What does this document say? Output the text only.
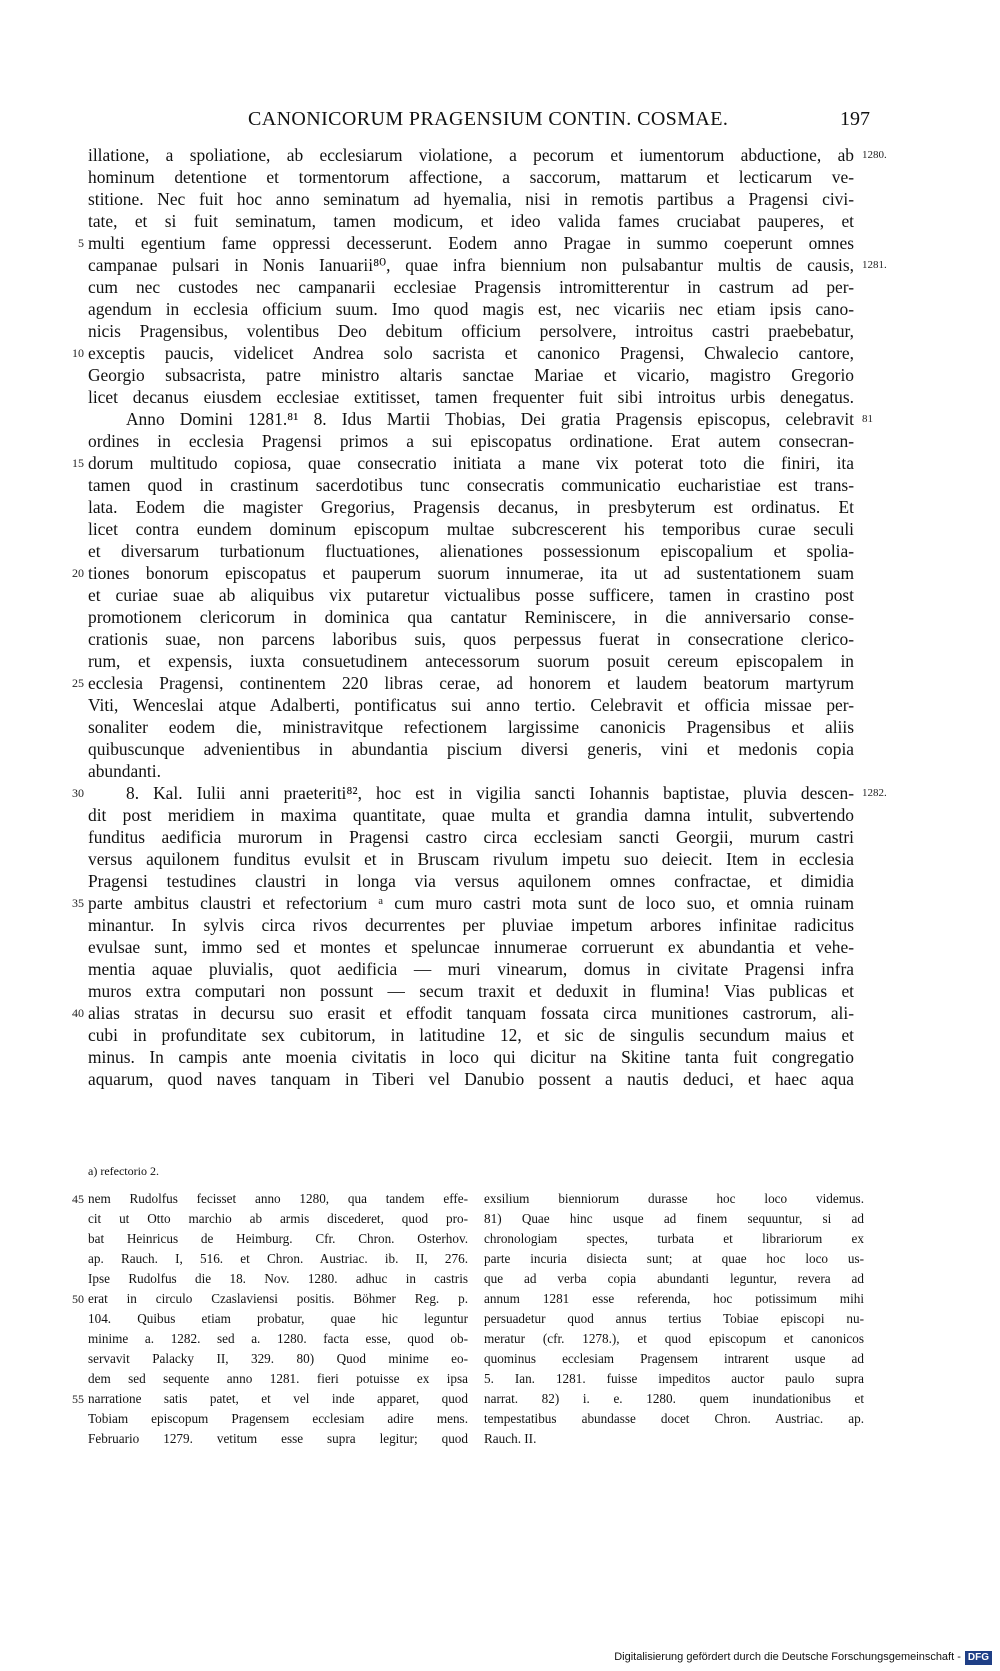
CANONICORUM PRAGENSIUM CONTIN. COSMAE.	197
illatione, a spoliatione, ab ecclesiarum violatione, a pecorum et iumentorum abductione, ab
hominum detentione et tormentorum affectione, a saccorum, mattarum et lecticarum ve-
stitione. Nec fuit hoc anno seminatum ad hyemalia, nisi in remotis partibus a Pragensi civi-
tate, et si fuit seminatum, tamen modicum, et ideo valida fames cruciabat pauperes, et
multi egentium fame oppressi decesserunt. Eodem anno Pragae in summo coeperunt omnes
campanae pulsari in Nonis Ianuarii⁸⁰, quae infra biennium non pulsabantur multis de causis,
cum nec custodes nec campanarii ecclesiae Pragensis intromitterentur in castrum ad per-
agendum in ecclesia officium suum. Imo quod magis est, nec vicariis nec etiam ipsis cano-
nicis Pragensibus, volentibus Deo debitum officium persolvere, introitus castri praebebatur,
exceptis paucis, videlicet Andrea solo sacrista et canonico Pragensi, Chwalecio cantore,
Georgio subsacrista, patre ministro altaris sanctae Mariae et vicario, magistro Gregorio
licet decanus eiusdem ecclesiae extitisset, tamen frequenter fuit sibi introitus urbis denegatus.
Anno Domini 1281.⁸¹ 8. Idus Martii Thobias, Dei gratia Pragensis episcopus, celebravit
ordines in ecclesia Pragensi primos a sui episcopatus ordinatione. Erat autem consecran-
dorum multitudo copiosa, quae consecratio initiata a mane vix poterat toto die finiri, ita
tamen quod in crastinum sacerdotibus tunc consecratis communicatio eucharistiae est trans-
lata. Eodem die magister Gregorius, Pragensis decanus, in presbyterum est ordinatus. Et
licet contra eundem dominum episcopum multae subcrescerent his temporibus curae seculi
et diversarum turbationum fluctuationes, alienationes possessionum episcopalium et spolia-
tiones bonorum episcopatus et pauperum suorum innumerae, ita ut ad sustentationem suam
et curiae suae ab aliquibus vix putaretur victualibus posse sufficere, tamen in crastino post
promotionem clericorum in dominica qua cantatur Reminiscere, in die anniversario conse-
crationis suae, non parcens laboribus suis, quos perpessus fuerat in consecratione clerico-
rum, et expensis, iuxta consuetudinem antecessorum suorum posuit cereum episcopalem in
ecclesia Pragensi, continentem 220 libras cerae, ad honorem et laudem beatorum martyrum
Viti, Wenceslai atque Adalberti, pontificatus sui anno tertio. Celebravit et officia missae per-
sonaliter eodem die, ministravitque refectionem largissime canonicis Pragensibus et aliis
quibuscunque advenientibus in abundantia piscium diversi generis, vini et medonis copia
abundanti.
8. Kal. Iulii anni praeteriti⁸², hoc est in vigilia sancti Iohannis baptistae, pluvia descen-
dit post meridiem in maxima quantitate, quae multa et grandia damna intulit, subvertendo
funditus aedificia murorum in Pragensi castro circa ecclesiam sancti Georgii, murum castri
versus aquilonem funditus evulsit et in Bruscam rivulum impetu suo deiecit. Item in ecclesia
Pragensi testudines claustri in longa via versus aquilonem omnes confractae, et dimidia
parte ambitus claustri et refectorium ᵃ cum muro castri mota sunt de loco suo, et omnia ruinam
minantur. In sylvis circa rivos decurrentes per pluviae impetum arbores infinitae radicitus
evulsae sunt, immo sed et montes et speluncae innumerae corruerunt ex abundantia et vehe-
mentia aquae pluvialis, quot aedificia — muri vinearum, domus in civitate Pragensi infra
muros extra computari non possunt — secum traxit et deduxit in flumina! Vias publicas et
alias stratas in decursu suo erasit et effodit tanquam fossata circa munitiones castrorum, ali-
cubi in profunditate sex cubitorum, in latitudine 12, et sic de singulis secundum maius et
minus. In campis ante moenia civitatis in loco qui dicitur na Skitine tanta fuit congregatio
aquarum, quod naves tanquam in Tiberi vel Danubio possent a nautis deduci, et haec aqua
5
10
15
20
25
30
35
40
1280.
1281.
81
1282.
a) refectorio 2.
nem Rudolfus fecisset anno 1280, qua tandem effe-
cit ut Otto marchio ab armis discederet, quod pro-
bat Heinricus de Heimburg. Cfr. Chron. Osterhov.
ap. Rauch. I, 516. et Chron. Austriac. ib. II, 276.
Ipse Rudolfus die 18. Nov. 1280. adhuc in castris
erat in circulo Czaslaviensi positis. Böhmer Reg. p.
104. Quibus etiam probatur, quae hic leguntur
minime a. 1282. sed a. 1280. facta esse, quod ob-
servavit Palacky II, 329. 80) Quod minime eo-
dem sed sequente anno 1281. fieri potuisse ex ipsa
narratione satis patet, et vel inde apparet, quod
Tobiam episcopum Pragensem ecclesiam adire mens.
Februario 1279. vetitum esse supra legitur; quod
45
50
55
exsilium bienniorum durasse hoc loco videmus.
81) Quae hinc usque ad finem sequuntur, si ad
chronologiam spectes, turbata et librariorum ex
parte incuria disiecta sunt; at quae hoc loco us-
que ad verba copia abundanti leguntur, revera ad
annum 1281 esse referenda, hoc potissimum mihi
persuadetur quod annus tertius Tobiae episcopi nu-
meratur (cfr. 1278.), et quod episcopum et canonicos
quominus ecclesiam Pragensem intrarent usque ad
5. Ian. 1281. fuisse impeditos auctor paulo supra
narrat. 82) i. e. 1280. quem inundationibus et
tempestatibus abundasse docet Chron. Austriac. ap.
Rauch. II.
Digitalisierung gefördert durch die Deutsche Forschungsgemeinschaft - DFG
